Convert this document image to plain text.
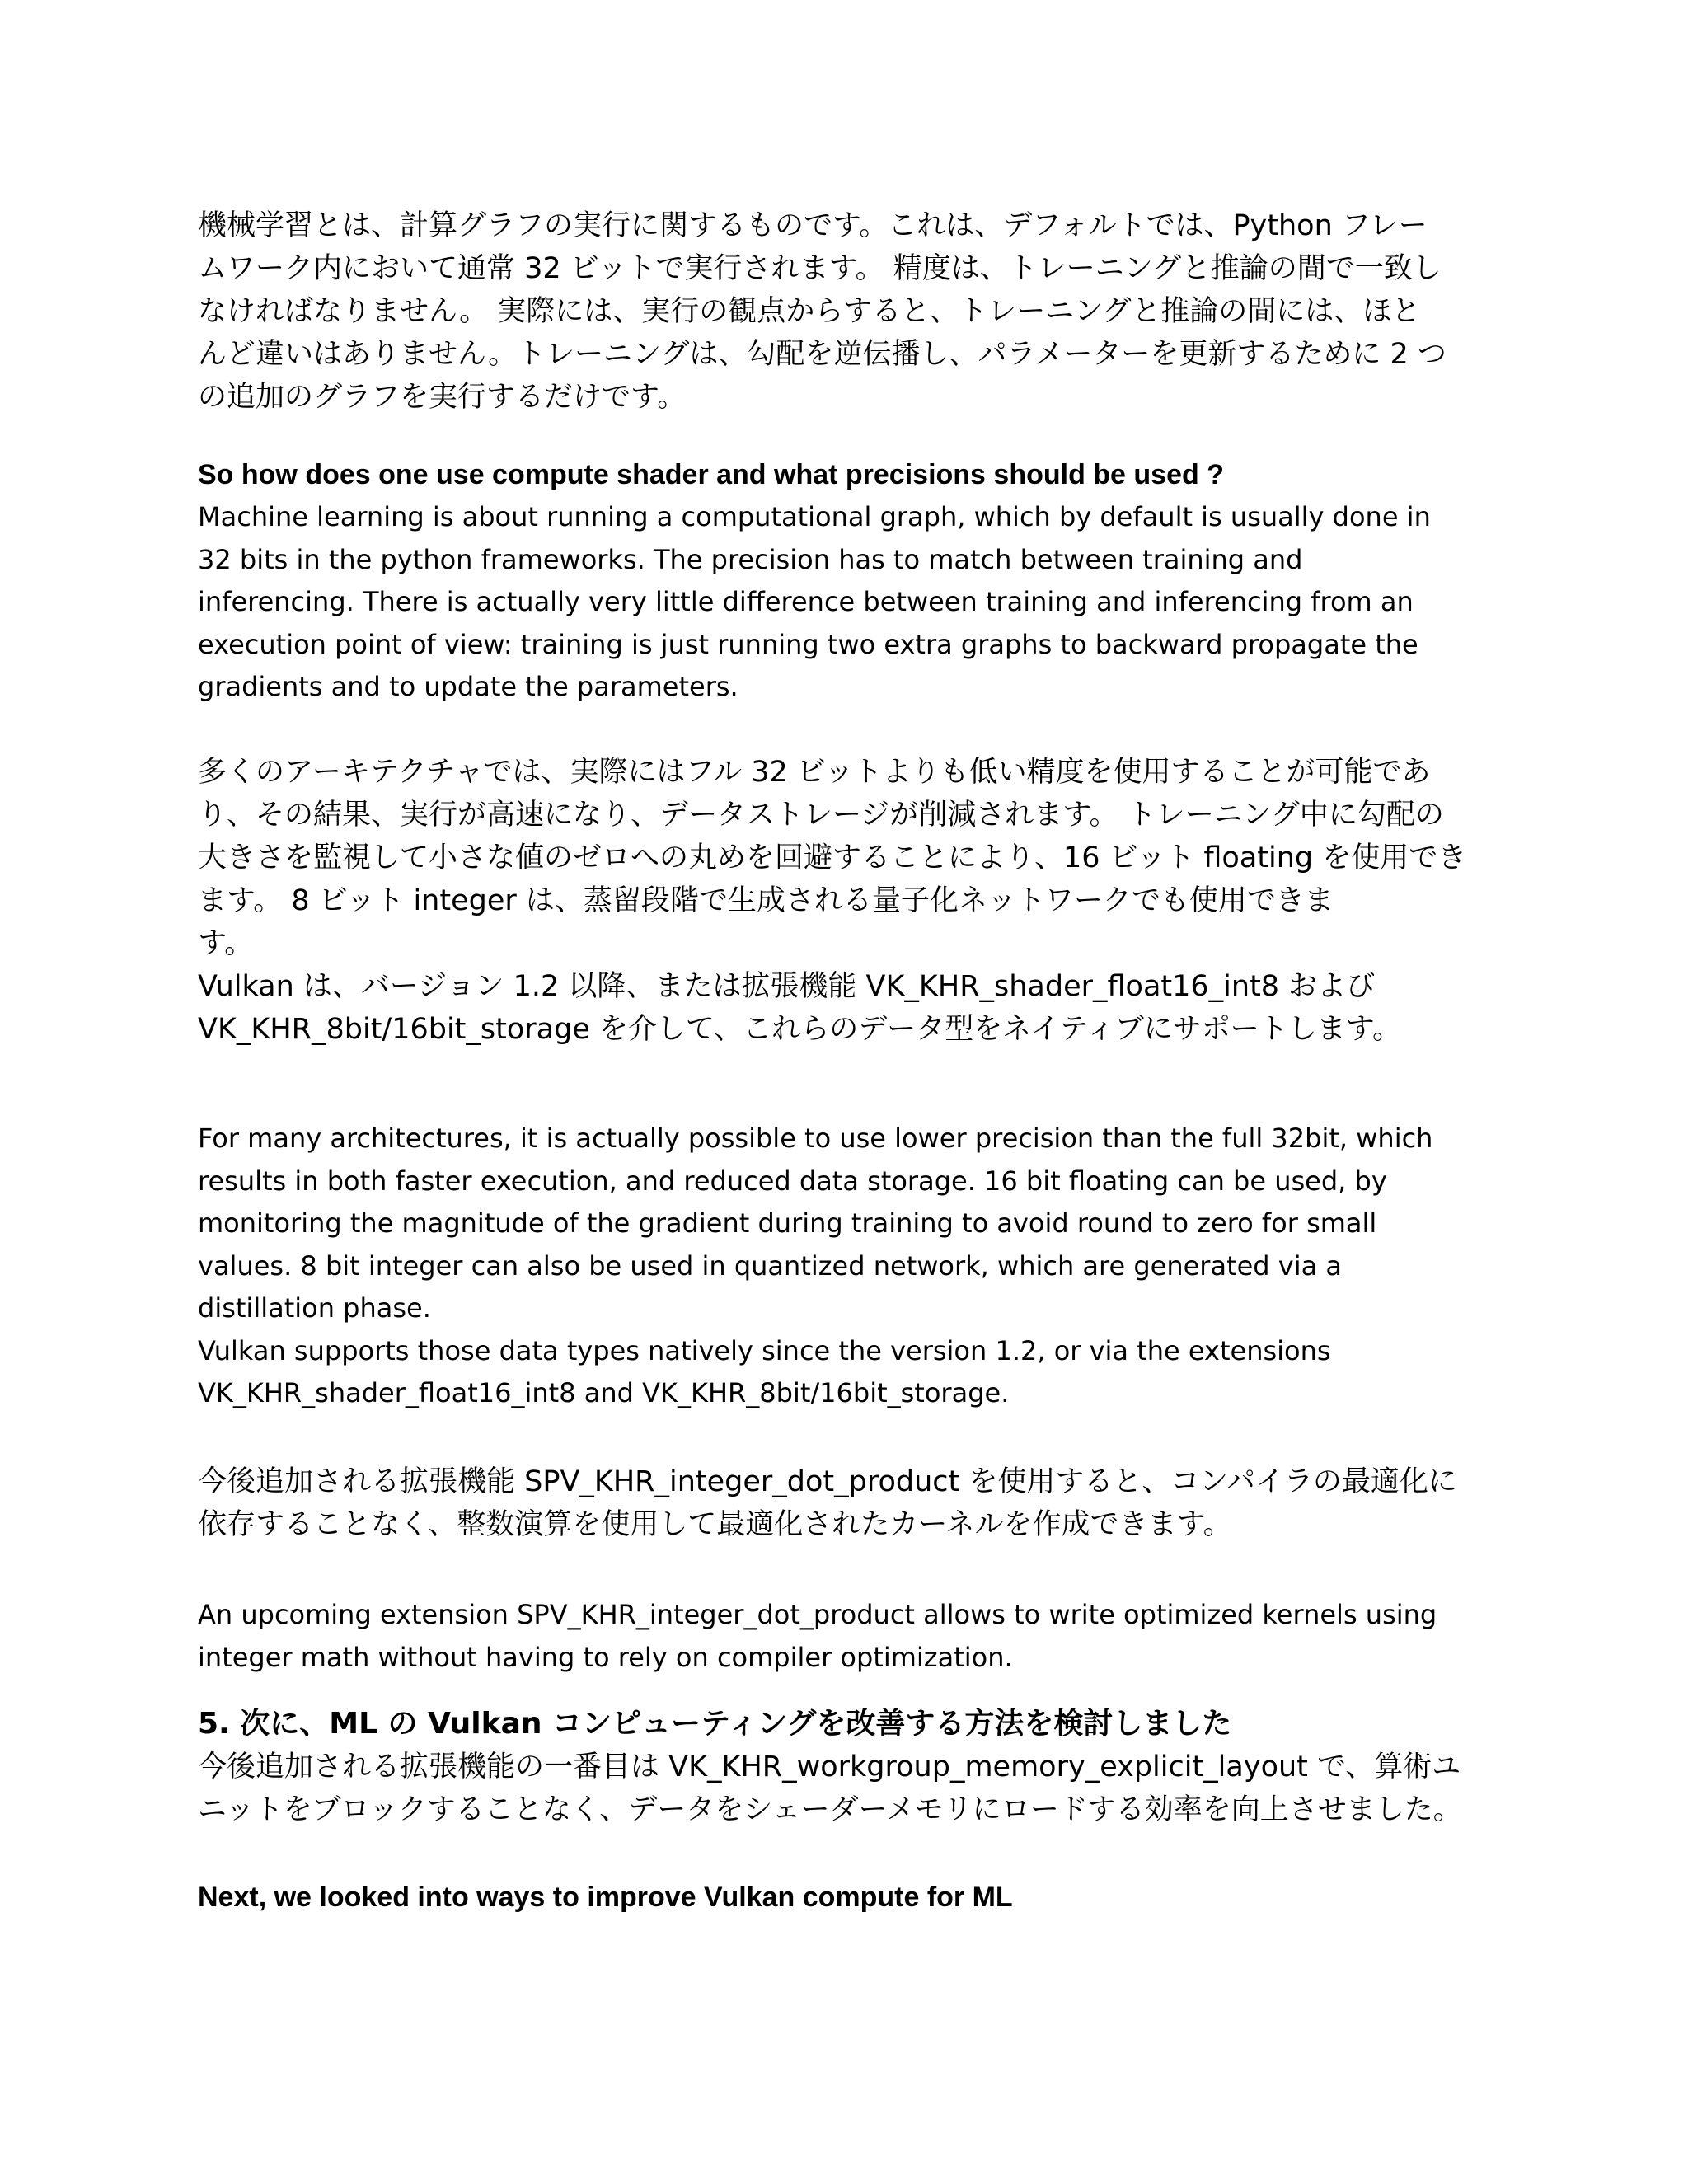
機械学習とは、計算グラフの実行に関するものです。これは、デフォルトでは、Python フレー
ムワーク内において通常 32 ビットで実行されます。 精度は、トレーニングと推論の間で一致し
なければなりません。 実際には、実行の観点からすると、トレーニングと推論の間には、ほと
んど違いはありません。トレーニングは、勾配を逆伝播し、パラメーターを更新するために 2 つ
の追加のグラフを実行するだけです。
So how does one use compute shader and what precisions should be used ?
Machine learning is about running a computational graph, which by default is usually done in
32 bits in the python frameworks. The precision has to match between training and
inferencing. There is actually very little difference between training and inferencing from an
execution point of view: training is just running two extra graphs to backward propagate the
gradients and to update the parameters.
多くのアーキテクチャでは、実際にはフル 32 ビットよりも低い精度を使用することが可能であ
り、その結果、実行が高速になり、データストレージが削減されます。 トレーニング中に勾配の
大きさを監視して小さな値のゼロへの丸めを回避することにより、16 ビット floating を使用でき
ます。 8 ビット integer は、蒸留段階で生成される量子化ネットワークでも使用できま
す。
Vulkan は、バージョン 1.2 以降、または拡張機能 VK_KHR_shader_float16_int8 および
VK_KHR_8bit/16bit_storage を介して、これらのデータ型をネイティブにサポートします。
For many architectures, it is actually possible to use lower precision than the full 32bit, which
results in both faster execution, and reduced data storage. 16 bit floating can be used, by
monitoring the magnitude of the gradient during training to avoid round to zero for small
values. 8 bit integer can also be used in quantized network, which are generated via a
distillation phase.
Vulkan supports those data types natively since the version 1.2, or via the extensions
VK_KHR_shader_float16_int8 and VK_KHR_8bit/16bit_storage.
今後追加される拡張機能 SPV_KHR_integer_dot_product を使用すると、コンパイラの最適化に
依存することなく、整数演算を使用して最適化されたカーネルを作成できます。
An upcoming extension SPV_KHR_integer_dot_product allows to write optimized kernels using
integer math without having to rely on compiler optimization.
5. 次に、ML の Vulkan コンピューティングを改善する方法を検討しました
今後追加される拡張機能の一番目は VK_KHR_workgroup_memory_explicit_layout で、算術ユ
ニットをブロックすることなく、データをシェーダーメモリにロードする効率を向上させました。
Next, we looked into ways to improve Vulkan compute for ML
